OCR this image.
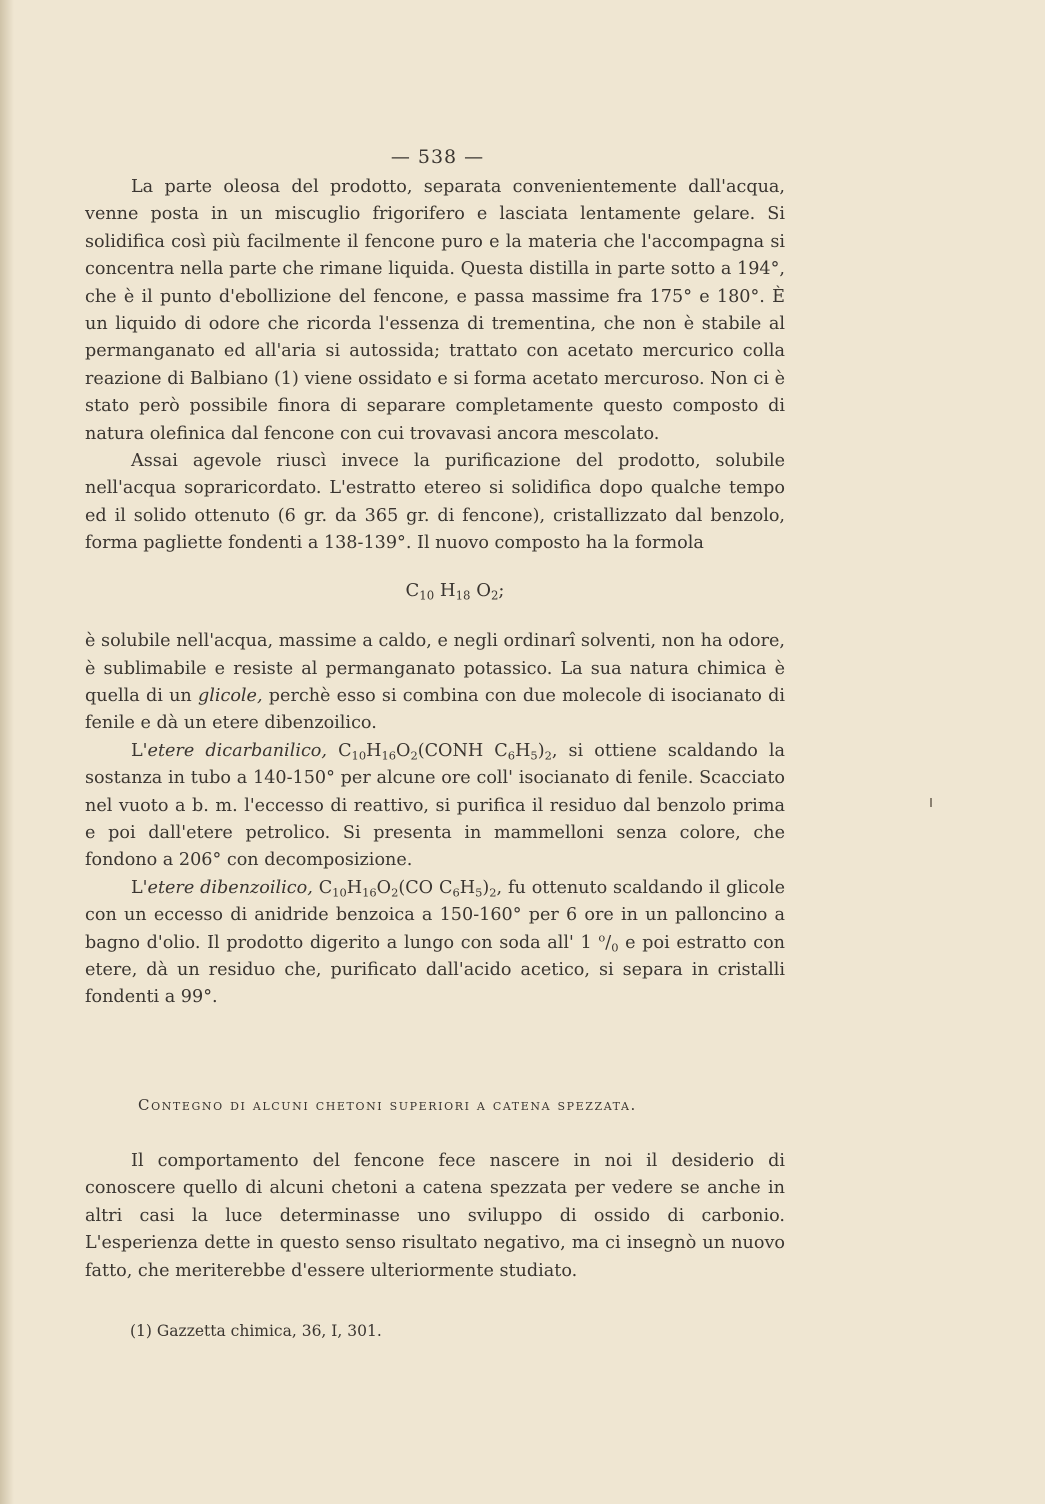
— 538 —

La parte oleosa del prodotto, separata convenientemente dall'acqua, venne posta in un miscuglio frigorifero e lasciata lentamente gelare. Si solidifica così più facilmente il fencone puro e la materia che l'accompagna si concentra nella parte che rimane liquida. Questa distilla in parte sotto a 194°, che è il punto d'ebollizione del fencone, e passa massime fra 175° e 180°. È un liquido di odore che ricorda l'essenza di trementina, che non è stabile al permanganato ed all'aria si autossida; trattato con acetato mercurico colla reazione di Balbiano (1) viene ossidato e si forma acetato mercuroso. Non ci è stato però possibile finora di separare completamente questo composto di natura olefinica dal fencone con cui trovavasi ancora mescolato.

Assai agevole riuscì invece la purificazione del prodotto, solubile nell'acqua sopraricordato. L'estratto etereo si solidifica dopo qualche tempo ed il solido ottenuto (6 gr. da 365 gr. di fencone), cristallizzato dal benzolo, forma pagliette fondenti a 138-139°. Il nuovo composto ha la formola

$C_{10}$ $H_{18}$ $O_2$;

è solubile nell'acqua, massime a caldo, e negli ordinarî solventi, non ha odore, è sublimabile e resiste al permanganato potassico. La sua natura chimica è quella di un glicole, perchè esso si combina con due molecole di isocianato di fenile e dà un etere dibenzoilico.

L'etere dicarbanilico, $C_{10}H_{16}O_2(CONH$ $C_6H_5)_2$, si ottiene scaldando la sostanza in tubo a 140-150° per alcune ore coll' isocianato di fenile. Scacciato nel vuoto a b. m. l'eccesso di reattivo, si purifica il residuo dal benzolo prima e poi dall'etere petrolico. Si presenta in mammelloni senza colore, che fondono a 206° con decomposizione.

L'etere dibenzoilico, $C_{10}H_{16}O_2(CO$ $C_6H_5)_2$, fu ottenuto scaldando il glicole con un eccesso di anidride benzoica a 150-160° per 6 ore in un palloncino a bagno d'olio. Il prodotto digerito a lungo con soda all' 1 $^o/_0$ e poi estratto con etere, dà un residuo che, purificato dall'acido acetico, si separa in cristalli fondenti a 99°.

Contegno di alcuni chetoni superiori a catena spezzata.

Il comportamento del fencone fece nascere in noi il desiderio di conoscere quello di alcuni chetoni a catena spezzata per vedere se anche in altri casi la luce determinasse uno sviluppo di ossido di carbonio. L'esperienza dette in questo senso risultato negativo, ma ci insegnò un nuovo fatto, che meriterebbe d'essere ulteriormente studiato.

(1) Gazzetta chimica, 36, I, 301.
